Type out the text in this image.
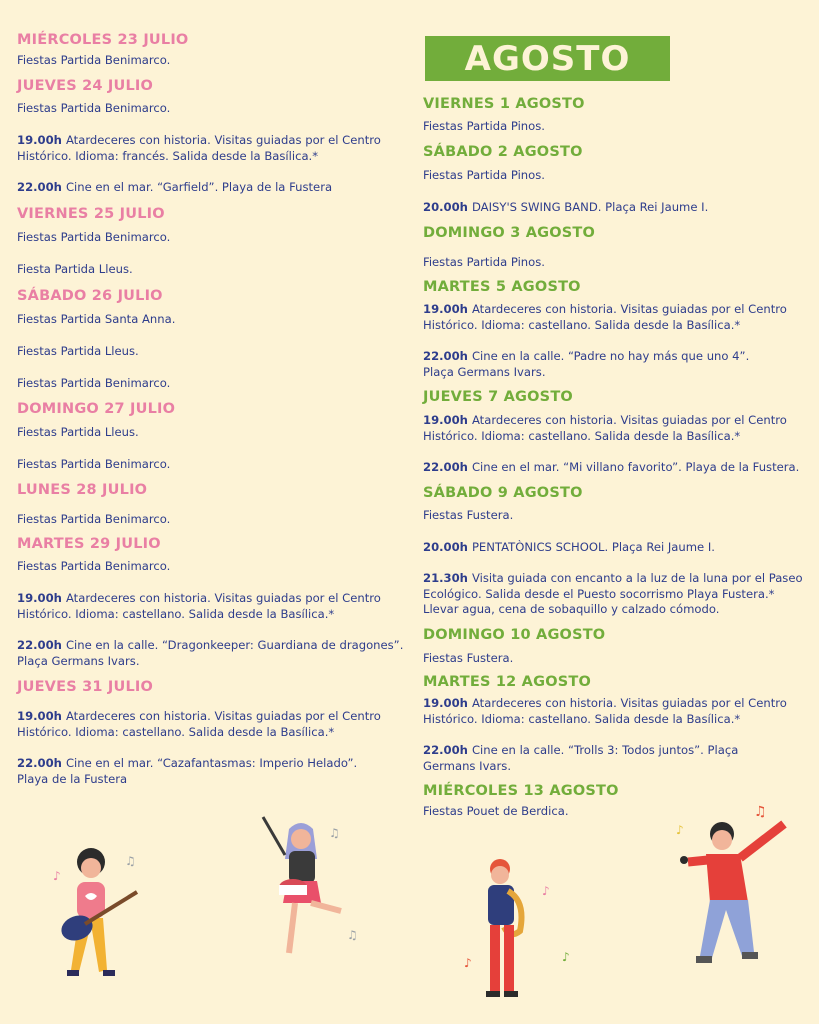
MIÉRCOLES 23 JULIO
Fiestas Partida Benimarco.
JUEVES 24 JULIO
Fiestas Partida Benimarco.
19.00h Atardeceres con historia. Visitas guiadas por el Centro Histórico. Idioma: francés. Salida desde la Basílica.*
22.00h Cine en el mar. “Garfield”. Playa de la Fustera
VIERNES 25 JULIO
Fiestas Partida Benimarco.
Fiesta Partida Lleus.
SÁBADO 26 JULIO
Fiestas Partida Santa Anna.
Fiestas Partida Lleus.
Fiestas Partida Benimarco.
DOMINGO 27 JULIO
Fiestas Partida Lleus.
Fiestas Partida Benimarco.
LUNES 28 JULIO
Fiestas Partida Benimarco.
MARTES 29 JULIO
Fiestas Partida Benimarco.
19.00h Atardeceres con historia. Visitas guiadas por el Centro Histórico. Idioma: castellano. Salida desde la Basílica.*
22.00h Cine en la calle. “Dragonkeeper: Guardiana de dragones”. Plaça Germans Ivars.
JUEVES 31 JULIO
19.00h Atardeceres con historia. Visitas guiadas por el Centro Histórico. Idioma: castellano. Salida desde la Basílica.*
22.00h Cine en el mar. “Cazafantasmas: Imperio Helado”. Playa de la Fustera
AGOSTO
VIERNES 1 AGOSTO
Fiestas Partida Pinos.
SÁBADO 2 AGOSTO
Fiestas Partida Pinos.
20.00h DAISY'S SWING BAND. Plaça Rei Jaume I.
DOMINGO 3 AGOSTO
Fiestas Partida Pinos.
MARTES 5 AGOSTO
19.00h Atardeceres con historia. Visitas guiadas por el Centro Histórico. Idioma: castellano. Salida desde la Basílica.*
22.00h Cine en la calle. “Padre no hay más que uno 4”. Plaça Germans Ivars.
JUEVES 7 AGOSTO
19.00h Atardeceres con historia. Visitas guiadas por el Centro Histórico. Idioma: castellano. Salida desde la Basílica.*
22.00h Cine en el mar. “Mi villano favorito”. Playa de la Fustera.
SÁBADO 9 AGOSTO
Fiestas Fustera.
20.00h PENTATÒNICS SCHOOL. Plaça Rei Jaume I.
21.30h Visita guiada con encanto a la luz de la luna por el Paseo Ecológico. Salida desde el Puesto socorrismo Playa Fustera.* Llevar agua, cena de sobaquillo y calzado cómodo.
DOMINGO 10 AGOSTO
Fiestas Fustera.
MARTES 12 AGOSTO
19.00h Atardeceres con historia. Visitas guiadas por el Centro Histórico. Idioma: castellano. Salida desde la Basílica.*
22.00h Cine en la calle. “Trolls 3: Todos juntos”. Plaça Germans Ivars.
MIÉRCOLES 13 AGOSTO
Fiestas Pouet de Berdica.
♪
♫
♫
♫
♪
♪	♪
♫
♪
